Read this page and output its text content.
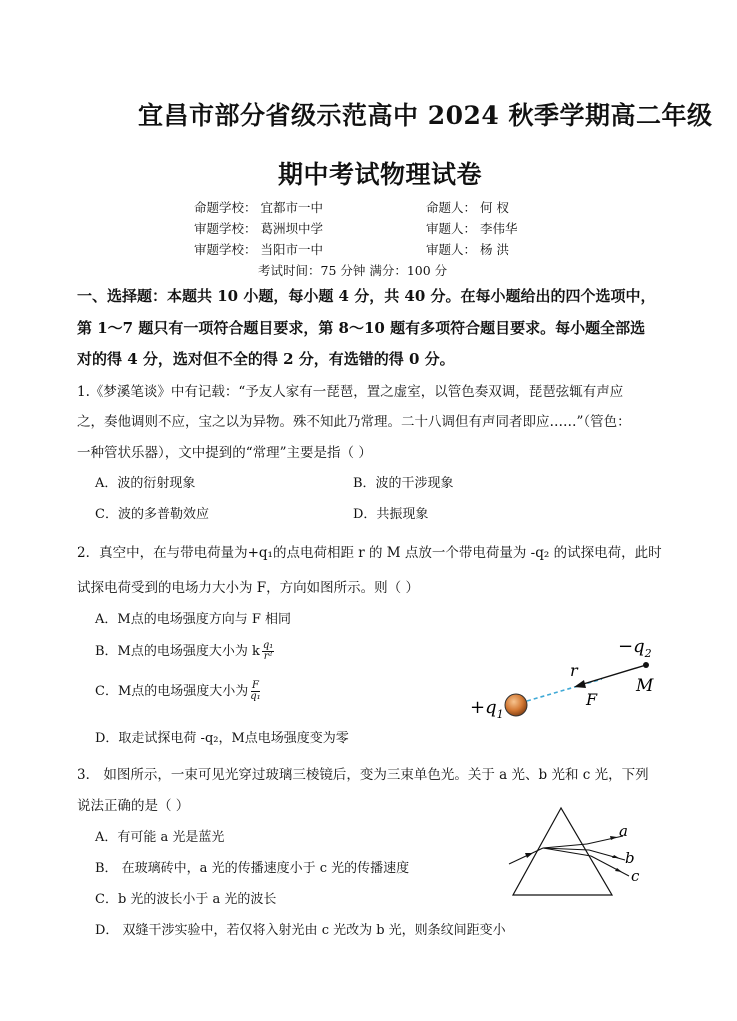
宜昌市部分省级示范高中 2024 秋季学期高二年级
期中考试物理试卷
命题学校： 宜都市一中	命题人： 何 杈
审题学校： 葛洲坝中学	审题人： 李伟华
审题学校： 当阳市一中	审题人： 杨 洪
考试时间：75 分钟 满分：100 分
一、选择题：本题共 10 小题，每小题 4 分，共 40 分。在每小题给出的四个选项中，
第 1～7 题只有一项符合题目要求，第 8～10 题有多项符合题目要求。每小题全部选
对的得 4 分，选对但不全的得 2 分，有选错的得 0 分。
1.《梦溪笔谈》中有记载：“予友人家有一琵琶，置之虚室，以管色奏双调，琵琶弦辄有声应
之，奏他调则不应，宝之以为异物。殊不知此乃常理。二十八调但有声同者即应……”（管色：
一种管状乐器），文中提到的“常理”主要是指（ ）
A．波的衍射现象	B．波的干涉现象
C．波的多普勒效应	D．共振现象
2．真空中，在与带电荷量为+q₁的点电荷相距 r 的 M 点放一个带电荷量为 -q₂ 的试探电荷，此时
试探电荷受到的电场力大小为 F，方向如图所示。则（ ）
A．M点的电场强度方向与 F 相同
B．M点的电场强度大小为 k $\frac{\text{q₁}}{\text{r²}}$
C．M点的电场强度大小为 $\frac{F}{\text{q₁}}$
D．取走试探电荷 -q₂，M点电场强度变为零
$-q_2$
M
r
F
$+q_1$
3． 如图所示，一束可见光穿过玻璃三棱镜后，变为三束单色光。关于 a 光、b 光和 c 光，下列
说法正确的是（ ）
A．有可能 a 光是蓝光
B． 在玻璃砖中，a 光的传播速度小于 c 光的传播速度
C．b 光的波长小于 a 光的波长
D． 双缝干涉实验中，若仅将入射光由 c 光改为 b 光，则条纹间距变小
a
b
c
